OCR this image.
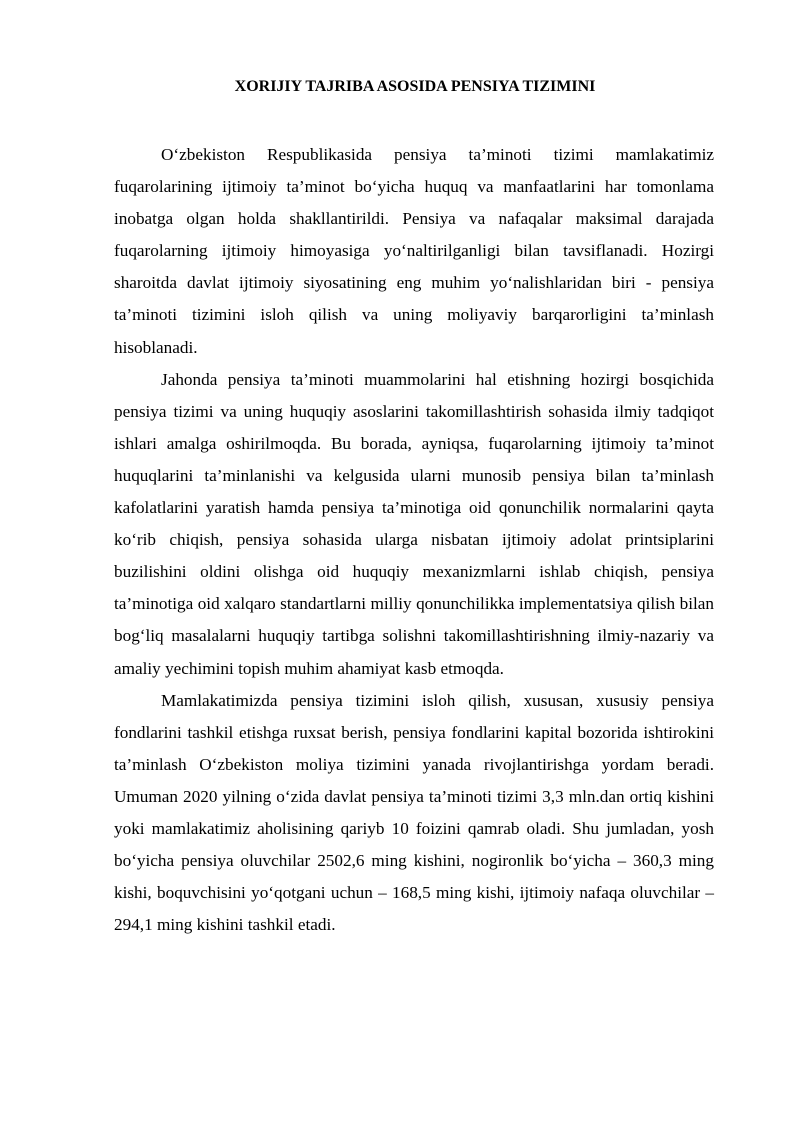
XORIJIY TAJRIBA ASOSIDA PENSIYA TIZIMINI

O‘zbekiston Respublikasida pensiya ta’minoti tizimi mamlakatimiz fuqarolarining ijtimoiy ta’minot bo‘yicha huquq va manfaatlarini har tomonlama inobatga olgan holda shakllantirildi. Pensiya va nafaqalar maksimal darajada fuqarolarning ijtimoiy himoyasiga yo‘naltirilganligi bilan tavsiflanadi. Hozirgi sharoitda davlat ijtimoiy siyosatining eng muhim yo‘nalishlaridan biri - pensiya ta’minoti tizimini isloh qilish va uning moliyaviy barqarorligini ta’minlash hisoblanadi.

Jahonda pensiya ta’minoti muammolarini hal etishning hozirgi bosqichida pensiya tizimi va uning huquqiy asoslarini takomillashtirish sohasida ilmiy tadqiqot ishlari amalga oshirilmoqda. Bu borada, ayniqsa, fuqarolarning ijtimoiy ta’minot huquqlarini ta’minlanishi va kelgusida ularni munosib pensiya bilan ta’minlash kafolatlarini yaratish hamda pensiya ta’minotiga oid qonunchilik normalarini qayta ko‘rib chiqish, pensiya sohasida ularga nisbatan ijtimoiy adolat printsiplarini buzilishini oldini olishga oid huquqiy mexanizmlarni ishlab chiqish, pensiya ta’minotiga oid xalqaro standartlarni milliy qonunchilikka implementatsiya qilish bilan bog‘liq masalalarni huquqiy tartibga solishni takomillashtirishning ilmiy-nazariy va amaliy yechimini topish muhim ahamiyat kasb etmoqda.

Mamlakatimizda pensiya tizimini isloh qilish, xususan, xususiy pensiya fondlarini tashkil etishga ruxsat berish, pensiya fondlarini kapital bozorida ishtirokini ta’minlash O‘zbekiston moliya tizimini yanada rivojlantirishga yordam beradi. Umuman 2020 yilning o‘zida davlat pensiya ta’minoti tizimi 3,3 mln.dan ortiq kishini yoki mamlakatimiz aholisining qariyb 10 foizini qamrab oladi. Shu jumladan, yosh bo‘yicha pensiya oluvchilar 2502,6 ming kishini, nogironlik bo‘yicha – 360,3 ming kishi, boquvchisini yo‘qotgani uchun – 168,5 ming kishi, ijtimoiy nafaqa oluvchilar – 294,1 ming kishini tashkil etadi.
